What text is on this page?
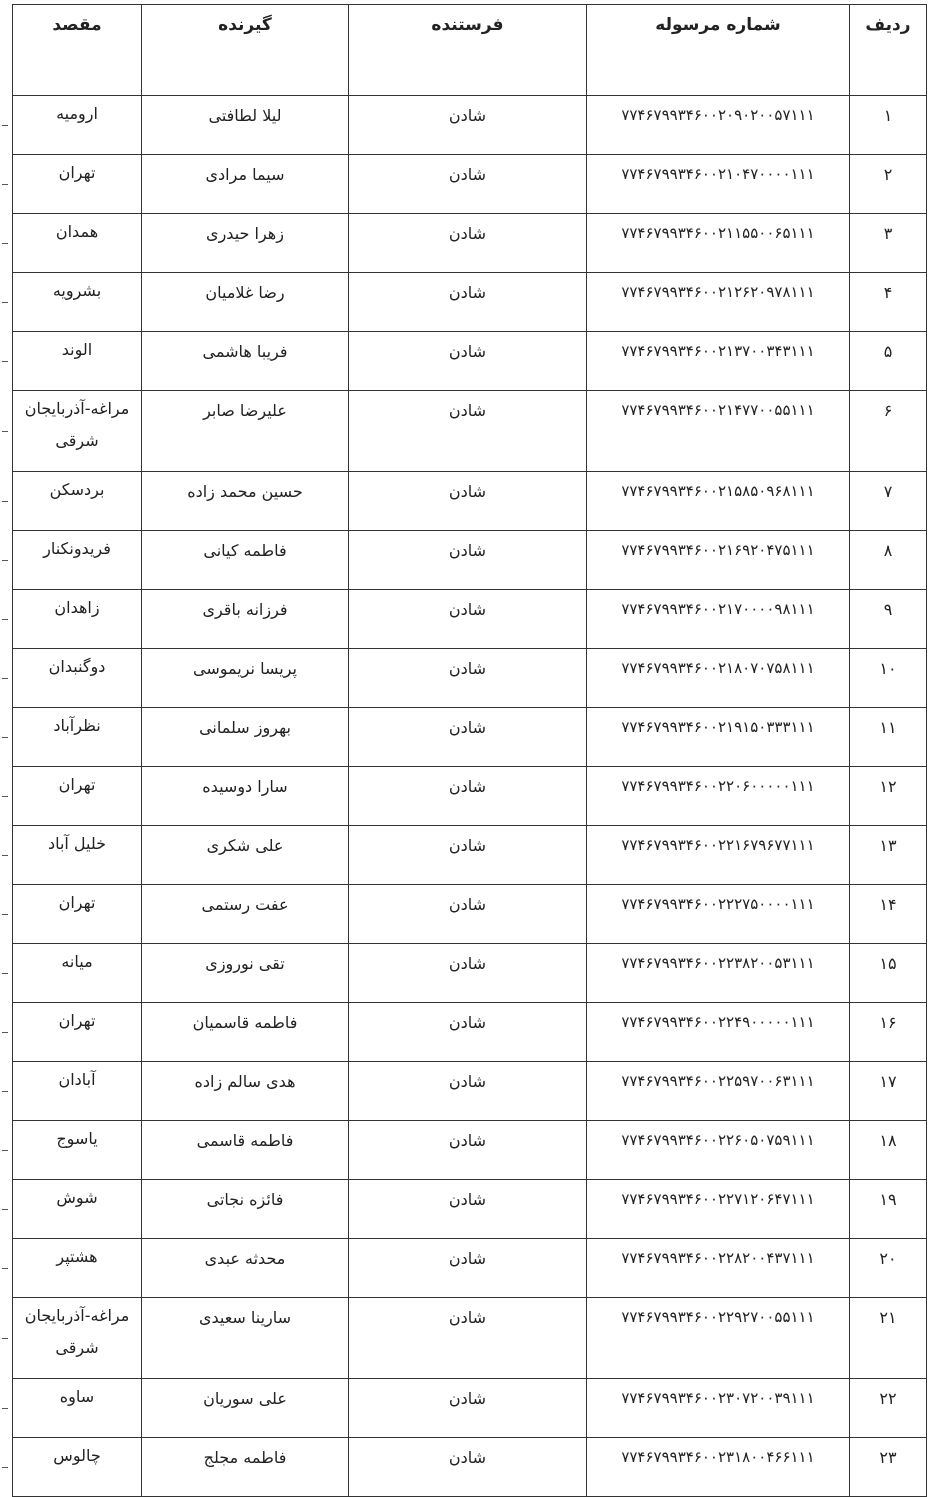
ردیف	شماره مرسوله	فرستنده	گیرنده	مقصد
۱	۷۷۴۶۷۹۹۳۴۶۰۰۲۰۹۰۲۰۰۵۷۱۱۱	شادن	لیلا لطافتی	ارومیه
۲	۷۷۴۶۷۹۹۳۴۶۰۰۲۱۰۴۷۰۰۰۰۱۱۱	شادن	سیما مرادی	تهران
۳	۷۷۴۶۷۹۹۳۴۶۰۰۲۱۱۵۵۰۰۶۵۱۱۱	شادن	زهرا حیدری	همدان
۴	۷۷۴۶۷۹۹۳۴۶۰۰۲۱۲۶۲۰۹۷۸۱۱۱	شادن	رضا غلامیان	بشرویه
۵	۷۷۴۶۷۹۹۳۴۶۰۰۲۱۳۷۰۰۳۴۳۱۱۱	شادن	فریبا هاشمی	الوند
۶	۷۷۴۶۷۹۹۳۴۶۰۰۲۱۴۷۷۰۰۵۵۱۱۱	شادن	علیرضا صابر	مراغه-آذربایجان شرقی
۷	۷۷۴۶۷۹۹۳۴۶۰۰۲۱۵۸۵۰۹۶۸۱۱۱	شادن	حسین محمد زاده	بردسکن
۸	۷۷۴۶۷۹۹۳۴۶۰۰۲۱۶۹۲۰۴۷۵۱۱۱	شادن	فاطمه کیانی	فریدونکنار
۹	۷۷۴۶۷۹۹۳۴۶۰۰۲۱۷۰۰۰۰۹۸۱۱۱	شادن	فرزانه باقری	زاهدان
۱۰	۷۷۴۶۷۹۹۳۴۶۰۰۲۱۸۰۷۰۷۵۸۱۱۱	شادن	پریسا نریموسی	دوگنبدان
۱۱	۷۷۴۶۷۹۹۳۴۶۰۰۲۱۹۱۵۰۳۳۳۱۱۱	شادن	بهروز سلمانی	نظرآباد
۱۲	۷۷۴۶۷۹۹۳۴۶۰۰۲۲۰۶۰۰۰۰۰۱۱۱	شادن	سارا دوسیده	تهران
۱۳	۷۷۴۶۷۹۹۳۴۶۰۰۲۲۱۶۷۹۶۷۷۱۱۱	شادن	علی شکری	خلیل آباد
۱۴	۷۷۴۶۷۹۹۳۴۶۰۰۲۲۲۷۵۰۰۰۰۱۱۱	شادن	عفت رستمی	تهران
۱۵	۷۷۴۶۷۹۹۳۴۶۰۰۲۲۳۸۲۰۰۵۳۱۱۱	شادن	تقی نوروزی	میانه
۱۶	۷۷۴۶۷۹۹۳۴۶۰۰۲۲۴۹۰۰۰۰۰۱۱۱	شادن	فاطمه قاسمیان	تهران
۱۷	۷۷۴۶۷۹۹۳۴۶۰۰۲۲۵۹۷۰۰۶۳۱۱۱	شادن	هدی سالم زاده	آبادان
۱۸	۷۷۴۶۷۹۹۳۴۶۰۰۲۲۶۰۵۰۷۵۹۱۱۱	شادن	فاطمه قاسمی	یاسوج
۱۹	۷۷۴۶۷۹۹۳۴۶۰۰۲۲۷۱۲۰۶۴۷۱۱۱	شادن	فائزه نجاتی	شوش
۲۰	۷۷۴۶۷۹۹۳۴۶۰۰۲۲۸۲۰۰۴۳۷۱۱۱	شادن	محدثه عبدی	هشتپر
۲۱	۷۷۴۶۷۹۹۳۴۶۰۰۲۲۹۲۷۰۰۵۵۱۱۱	شادن	سارینا سعیدی	مراغه-آذربایجان شرقی
۲۲	۷۷۴۶۷۹۹۳۴۶۰۰۲۳۰۷۲۰۰۳۹۱۱۱	شادن	علی سوریان	ساوه
۲۳	۷۷۴۶۷۹۹۳۴۶۰۰۲۳۱۸۰۰۴۶۶۱۱۱	شادن	فاطمه مجلج	چالوس
